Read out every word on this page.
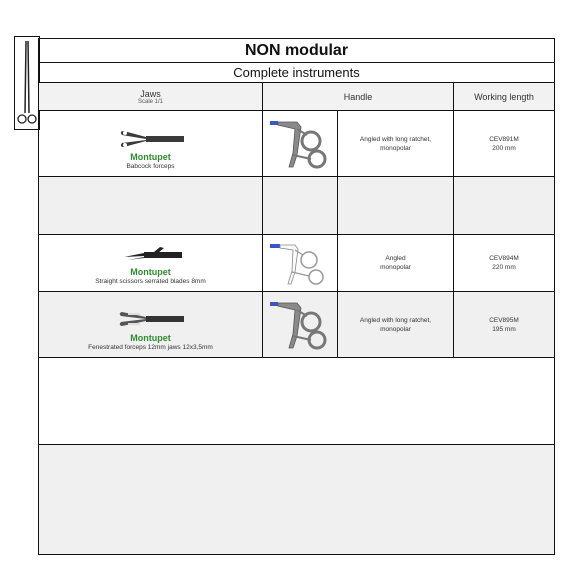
NON modular
Complete instruments
Jaws
Scale 1/1	Handle	Working length
Montupet
Babcock forceps
Angled with long ratchet, monopolar
CEV891M
200 mm
Montupet
Straight scissors serrated blades 8mm
Angled
monopolar
CEV894M
220 mm
Montupet
Fenestrated forceps 12mm jaws 12x3,5mm
Angled with long ratchet, monopolar
CEV895M
195 mm
